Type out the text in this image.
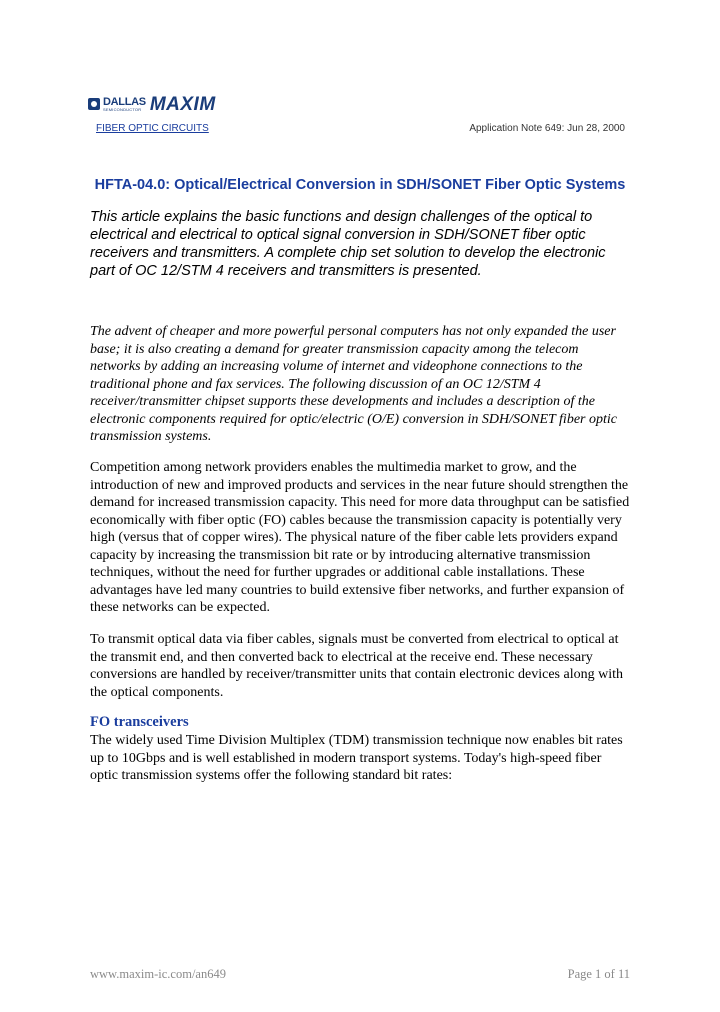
DALLAS
SEMICONDUCTOR MAXIM
FIBER OPTIC CIRCUITS	Application Note 649: Jun 28, 2000
HFTA-04.0: Optical/Electrical Conversion in SDH/SONET Fiber Optic Systems

This article explains the basic functions and design challenges of the optical to electrical and electrical to optical signal conversion in SDH/SONET fiber optic receivers and transmitters. A complete chip set solution to develop the electronic part of OC 12/STM 4 receivers and transmitters is presented.

The advent of cheaper and more powerful personal computers has not only expanded the user base; it is also creating a demand for greater transmission capacity among the telecom networks by adding an increasing volume of internet and videophone connections to the traditional phone and fax services. The following discussion of an OC 12/STM 4 receiver/transmitter chipset supports these developments and includes a description of the electronic components required for optic/electric (O/E) conversion in SDH/SONET fiber optic transmission systems.

Competition among network providers enables the multimedia market to grow, and the introduction of new and improved products and services in the near future should strengthen the demand for increased transmission capacity. This need for more data throughput can be satisfied economically with fiber optic (FO) cables because the transmission capacity is potentially very high (versus that of copper wires). The physical nature of the fiber cable lets providers expand capacity by increasing the transmission bit rate or by introducing alternative transmission techniques, without the need for further upgrades or additional cable installations. These advantages have led many countries to build extensive fiber networks, and further expansion of these networks can be expected.

To transmit optical data via fiber cables, signals must be converted from electrical to optical at the transmit end, and then converted back to electrical at the receive end. These necessary conversions are handled by receiver/transmitter units that contain electronic devices along with the optical components.

FO transceivers

The widely used Time Division Multiplex (TDM) transmission technique now enables bit rates up to 10Gbps and is well established in modern transport systems. Today's high-speed fiber optic transmission systems offer the following standard bit rates:

www.maxim-ic.com/an649	Page 1 of 11
